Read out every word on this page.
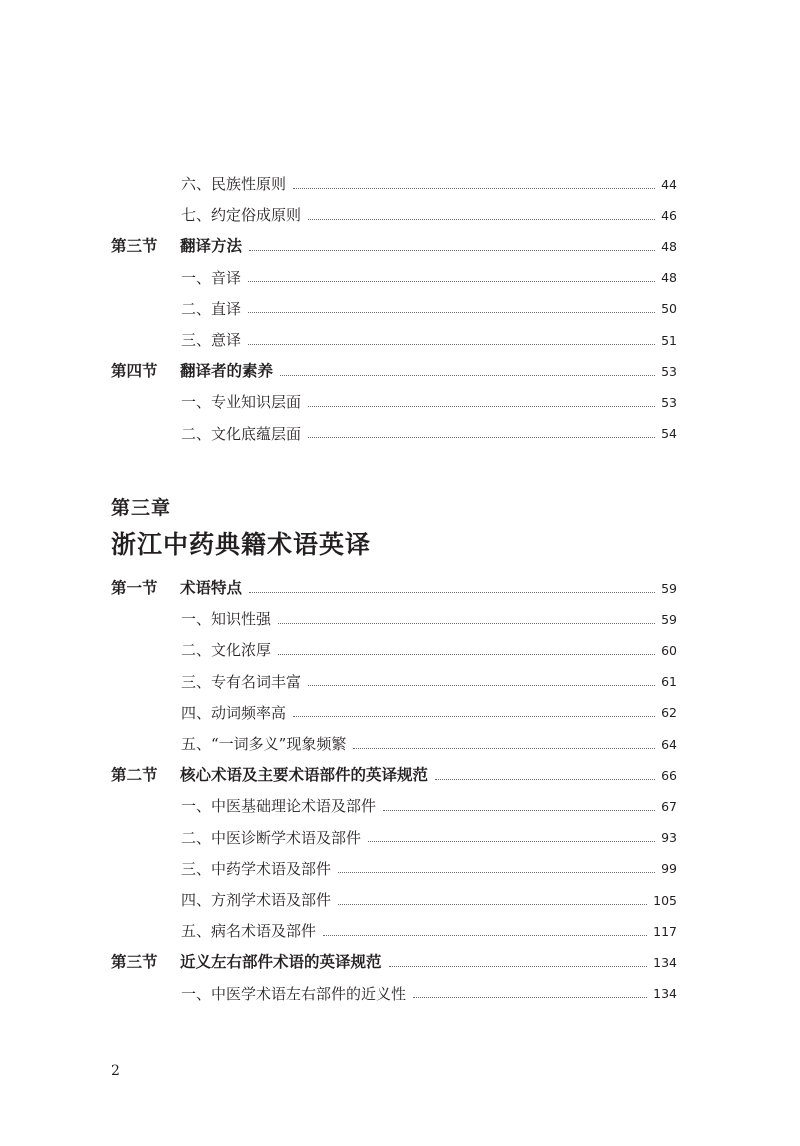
六、民族性原则	44
七、约定俗成原则	46
第三节 翻译方法	48
一、音译	48
二、直译	50
三、意译	51
第四节 翻译者的素养	53
一、专业知识层面	53
二、文化底蕴层面	54
第三章
浙江中药典籍术语英译
第一节 术语特点	59
一、知识性强	59
二、文化浓厚	60
三、专有名词丰富	61
四、动词频率高	62
五、“一词多义”现象频繁	64
第二节 核心术语及主要术语部件的英译规范	66
一、中医基础理论术语及部件	67
二、中医诊断学术语及部件	93
三、中药学术语及部件	99
四、方剂学术语及部件	105
五、病名术语及部件	117
第三节 近义左右部件术语的英译规范	134
一、中医学术语左右部件的近义性	134
2
